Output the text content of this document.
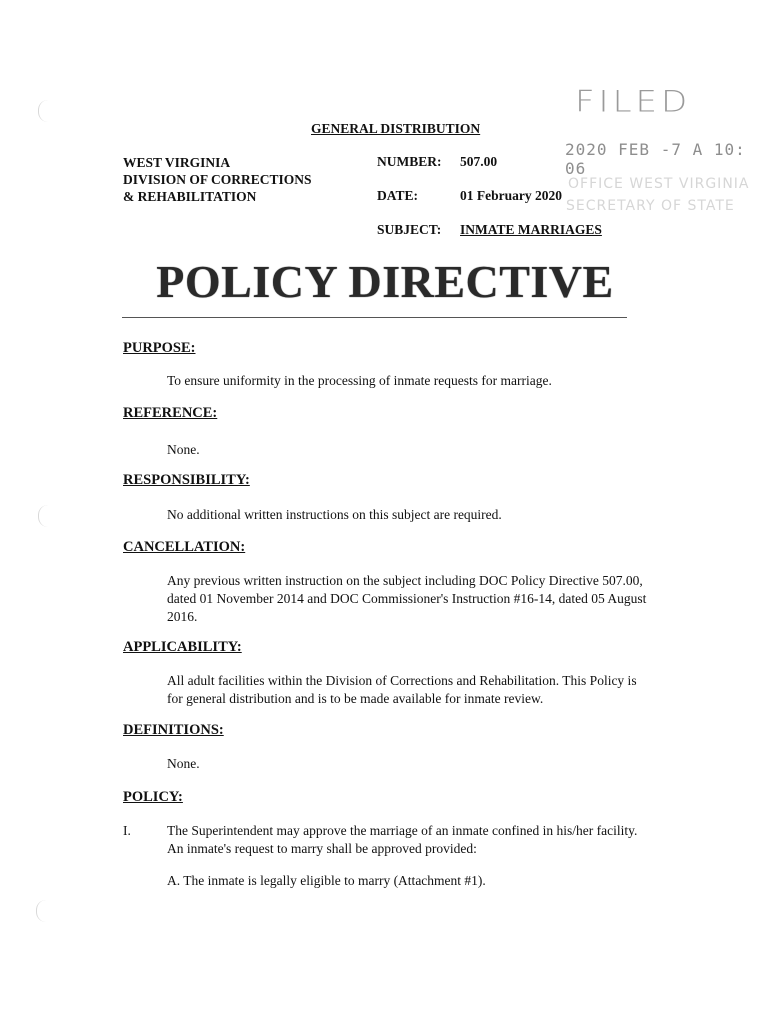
FILED
2020 FEB -7 A 10: 06
OFFICE WEST VIRGINIA
SECRETARY OF STATE
GENERAL DISTRIBUTION
WEST VIRGINIA
DIVISION OF CORRECTIONS
& REHABILITATION
NUMBER: 507.00
DATE:	01 February 2020
SUBJECT: INMATE MARRIAGES
POLICY DIRECTIVE
PURPOSE:
To ensure uniformity in the processing of inmate requests for marriage.
REFERENCE:
None.
RESPONSIBILITY:
No additional written instructions on this subject are required.
CANCELLATION:
Any previous written instruction on the subject including DOC Policy Directive 507.00, dated 01 November 2014 and DOC Commissioner's Instruction #16-14, dated 05 August 2016.
APPLICABILITY:
All adult facilities within the Division of Corrections and Rehabilitation. This Policy is for general distribution and is to be made available for inmate review.
DEFINITIONS:
None.
POLICY:
I.	The Superintendent may approve the marriage of an inmate confined in his/her facility. An inmate's request to marry shall be approved provided:
A. The inmate is legally eligible to marry (Attachment #1).
